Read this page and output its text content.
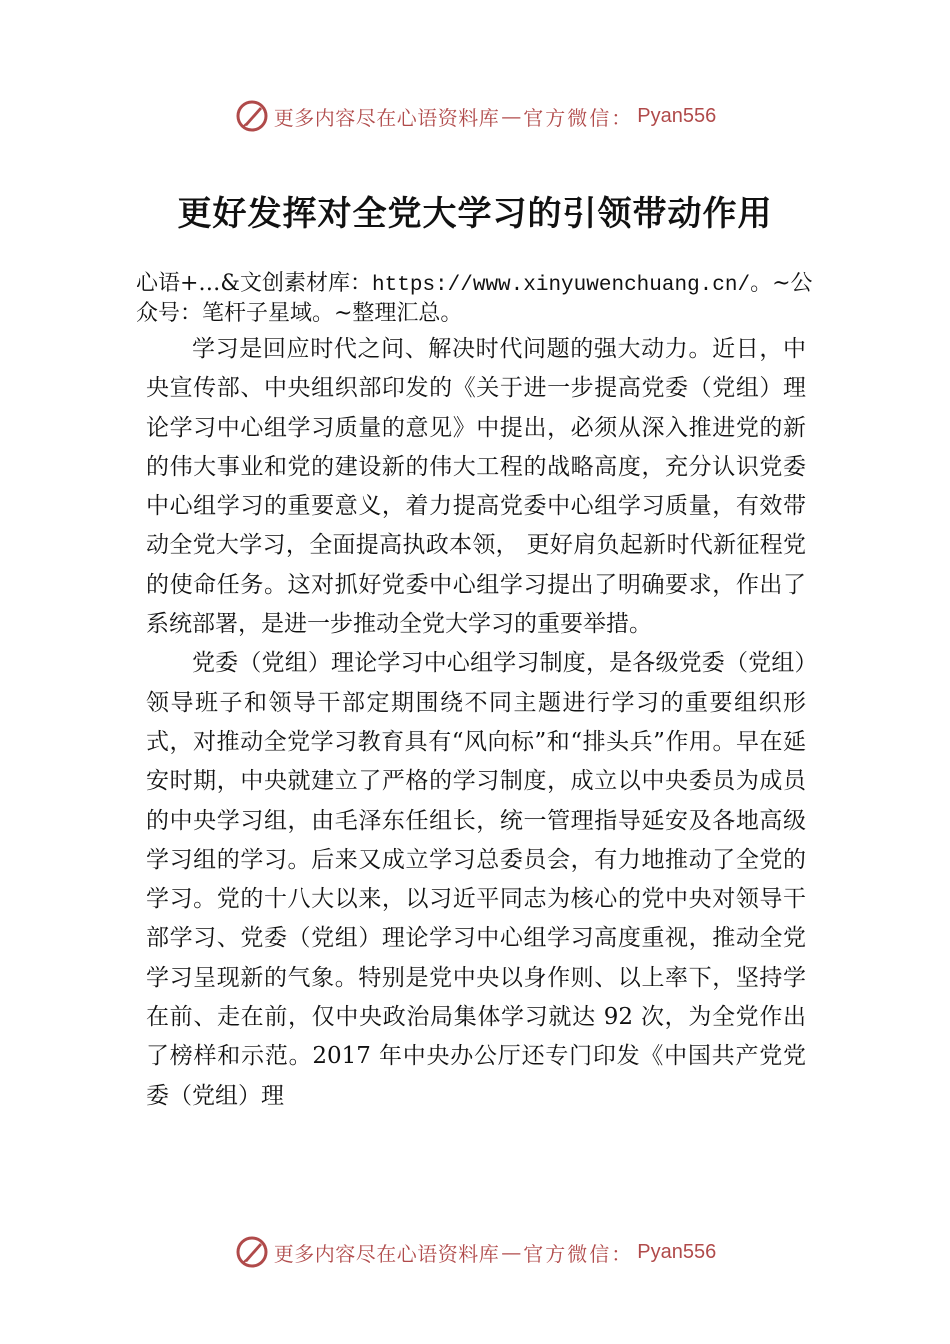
更多内容尽在心语资料库 — 官方微信： Pyan556
更好发挥对全党大学习的引领带动作用
心语+…&文创素材库：https://www.xinyuwenchuang.cn/。~公众号：笔杆子星域。~整理汇总。

学习是回应时代之问、解决时代问题的强大动力。近日，中央宣传部、中央组织部印发的《关于进一步提高党委（党组）理论学习中心组学习质量的意见》中提出，必须从深入推进党的新的伟大事业和党的建设新的伟大工程的战略高度，充分认识党委中心组学习的重要意义，着力提高党委中心组学习质量，有效带动全党大学习，全面提高执政本领， 更好肩负起新时代新征程党的使命任务。这对抓好党委中心组学习提出了明确要求，作出了系统部署，是进一步推动全党大学习的重要举措。

党委（党组）理论学习中心组学习制度，是各级党委（党组）领导班子和领导干部定期围绕不同主题进行学习的重要组织形式，对推动全党学习教育具有“风向标”和“排头兵”作用。早在延安时期，中央就建立了严格的学习制度，成立以中央委员为成员的中央学习组，由毛泽东任组长，统一管理指导延安及各地高级学习组的学习。后来又成立学习总委员会，有力地推动了全党的学习。党的十八大以来，以习近平同志为核心的党中央对领导干部学习、党委（党组）理论学习中心组学习高度重视，推动全党学习呈现新的气象。特别是党中央以身作则、以上率下，坚持学在前、走在前，仅中央政治局集体学习就达 92 次，为全党作出了榜样和示范。2017 年中央办公厅还专门印发《中国共产党党委（党组）理

更多内容尽在心语资料库 — 官方微信： Pyan556
